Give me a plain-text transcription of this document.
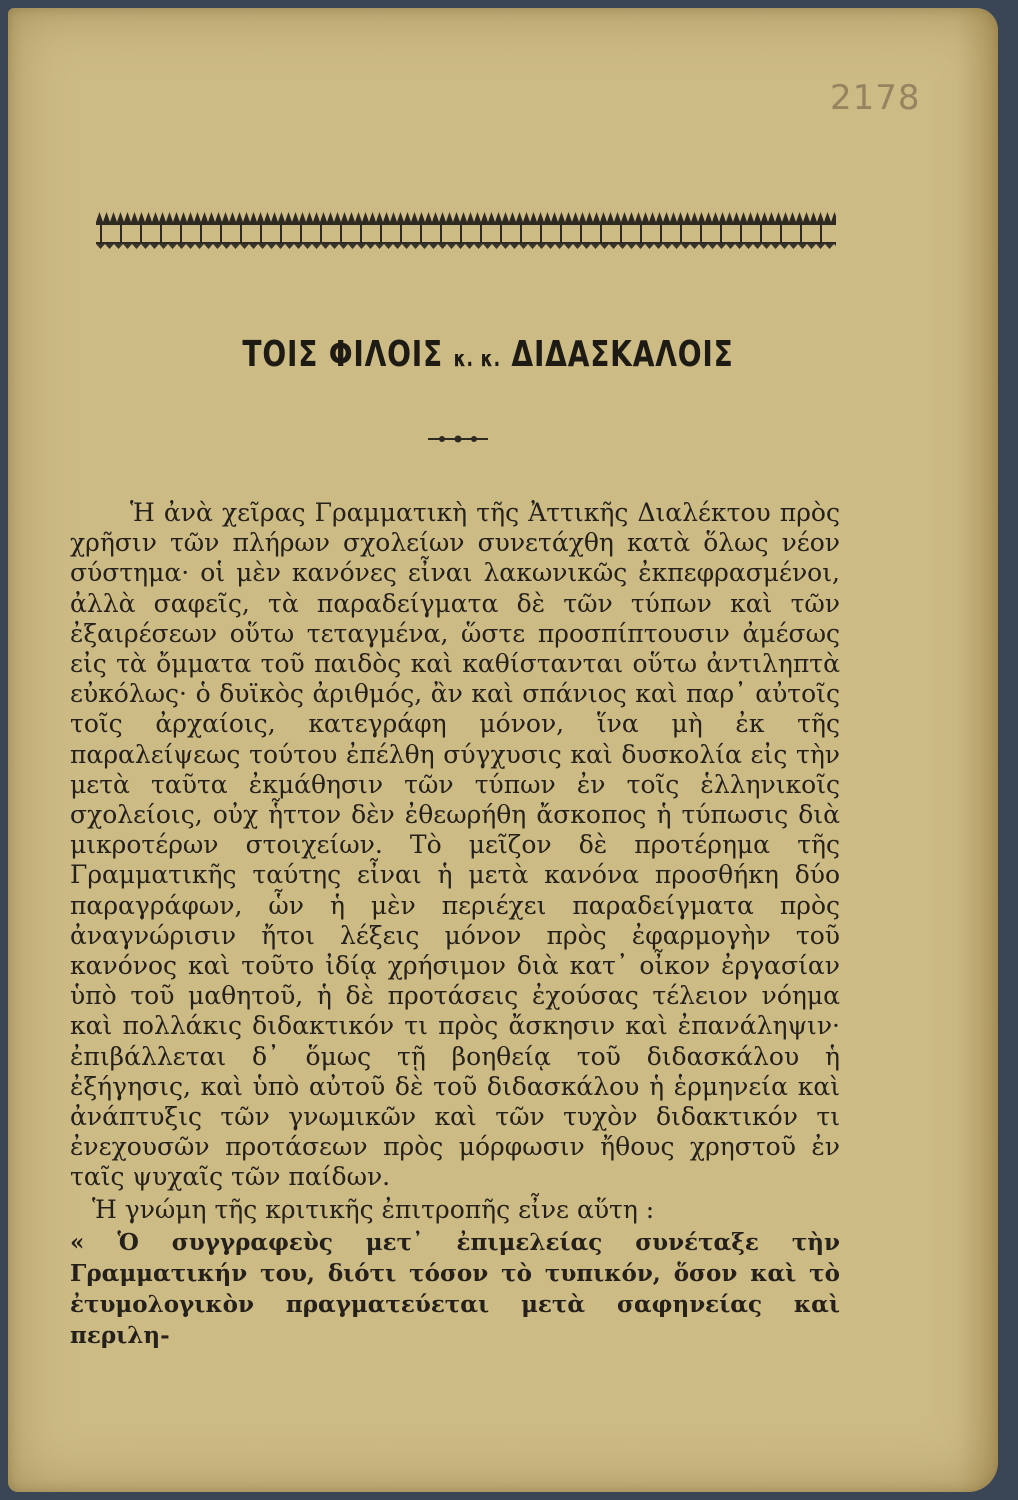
2178
ΤΟΙΣ ΦΙΛΟΙΣ κ. κ. ΔΙΔΑΣΚΑΛΟΙΣ

Ἡ ἀνὰ χεῖρας Γραμματικὴ τῆς Ἀττικῆς Διαλέκτου πρὸς χρῆσιν τῶν πλήρων σχολείων συνετάχθη κατὰ ὅλως νέον σύστημα· οἱ μὲν κανόνες εἶναι λακωνικῶς ἐκπεφρασμένοι, ἀλλὰ σαφεῖς, τὰ παραδείγματα δὲ τῶν τύπων καὶ τῶν ἐξαιρέσεων οὕτω τεταγμένα, ὥστε προσπίπτουσιν ἀμέσως εἰς τὰ ὄμματα τοῦ παιδὸς καὶ καθίστανται οὕτω ἀντιληπτὰ εὐκόλως· ὁ δυϊκὸς ἀριθμός, ἂν καὶ σπάνιος καὶ παρ᾽ αὐτοῖς τοῖς ἀρχαίοις, κατεγράφη μόνον, ἵνα μὴ ἐκ τῆς παραλείψεως τούτου ἐπέλθη σύγχυσις καὶ δυσκολία εἰς τὴν μετὰ ταῦτα ἐκμάθησιν τῶν τύπων ἐν τοῖς ἑλληνικοῖς σχολείοις, οὐχ ἧττον δὲν ἐθεωρήθη ἄσκοπος ἡ τύπωσις διὰ μικροτέρων στοιχείων. Τὸ μεῖζον δὲ προτέρημα τῆς Γραμματικῆς ταύτης εἶναι ἡ μετὰ κανόνα προσθήκη δύο παραγράφων, ὧν ἡ μὲν περιέχει παραδείγματα πρὸς ἀναγνώρισιν ἤτοι λέξεις μόνον πρὸς ἐφαρμογὴν τοῦ κανόνος καὶ τοῦτο ἰδίᾳ χρήσιμον διὰ κατ᾽ οἶκον ἐργασίαν ὑπὸ τοῦ μαθητοῦ, ἡ δὲ προτάσεις ἐχούσας τέλειον νόημα καὶ πολλάκις διδακτικόν τι πρὸς ἄσκησιν καὶ ἐπανάληψιν· ἐπιβάλλεται δ᾽ ὅμως τῇ βοηθείᾳ τοῦ διδασκάλου ἡ ἐξήγησις, καὶ ὑπὸ αὐτοῦ δὲ τοῦ διδασκάλου ἡ ἑρμηνεία καὶ ἀνάπτυξις τῶν γνωμικῶν καὶ τῶν τυχὸν διδακτικόν τι ἐνεχουσῶν προτάσεων πρὸς μόρφωσιν ἤθους χρηστοῦ ἐν ταῖς ψυχαῖς τῶν παίδων.

Ἡ γνώμη τῆς κριτικῆς ἐπιτροπῆς εἶνε αὕτη :

« Ὁ συγγραφεὺς μετ᾽ ἐπιμελείας συνέταξε τὴν Γραμματικήν του, διότι τόσον τὸ τυπικόν, ὅσον καὶ τὸ ἐτυμολογικὸν πραγματεύεται μετὰ σαφηνείας καὶ περιλη-
